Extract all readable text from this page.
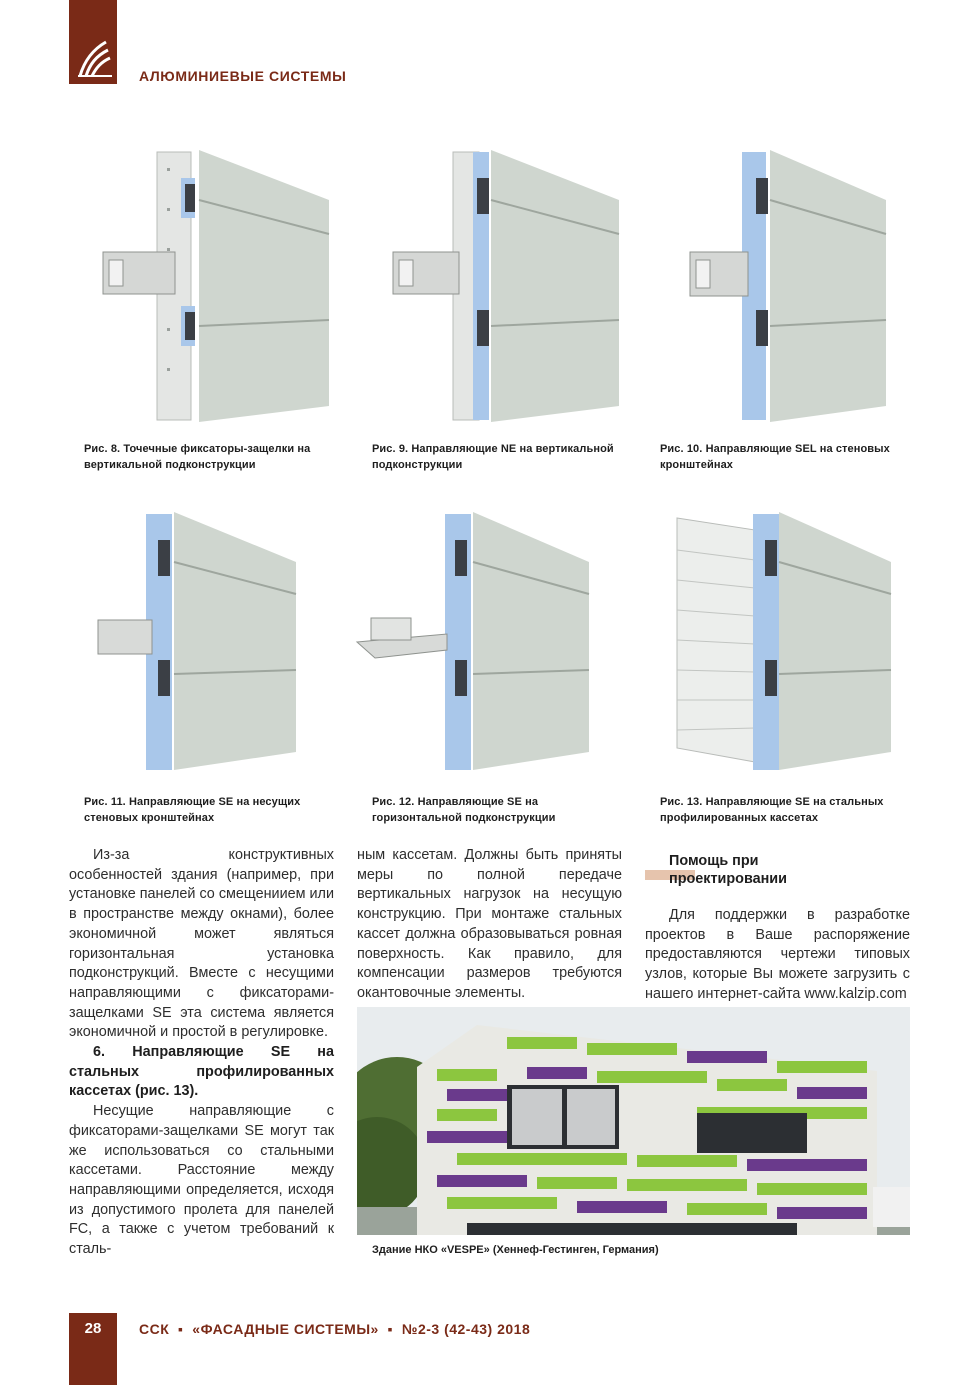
АЛЮМИНИЕВЫЕ СИСТЕМЫ
Рис. 8. Точечные фиксаторы-защелки на вертикальной подконструкции
Рис. 9. Направляющие NE на вертикальной подконструкции
Рис. 10. Направляющие SEL на стеновых кронштейнах
Рис. 11. Направляющие SE на несущих стеновых кронштейнах
Рис. 12. Направляющие SE на горизонтальной подконструкции
Рис. 13. Направляющие SE на стальных профилированных кассетах

Из-за конструктивных особенностей здания (например, при установке панелей со смещениием или в пространстве между окнами), более экономичной может являться горизонтальная установка подконструкций. Вместе с несущими направляющими с фиксаторами-защелками SE эта система является экономичной и простой в регулировке.

6. Направляющие SE на стальных профилированных кассетах (рис. 13).

Несущие направляющие с фиксаторами-защелками SE могут так же использоваться со стальными кассетами. Расстояние между направляющими определяется, исходя из допустимого пролета для панелей FC, а также с учетом требований к сталь-

ным кассетам. Должны быть приняты меры по полной передаче вертикальных нагрузок на несущую конструкцию. При монтаже стальных кассет должна образовываться ровная поверхность. Как правило, для компенсации размеров требуются окантовочные элементы.

Помощь при проектировании

Для поддержки в разработке проектов в Ваше распоряжение предоставляются чертежи типовых узлов, которые Вы можете загрузить с нашего интернет-сайта www.kalzip.com

Здание НКО «VESPE» (Хеннеф-Гестинген, Германия)
28	ССК  ▪  «ФАСАДНЫЕ СИСТЕМЫ»  ▪  №2-3 (42-43) 2018
